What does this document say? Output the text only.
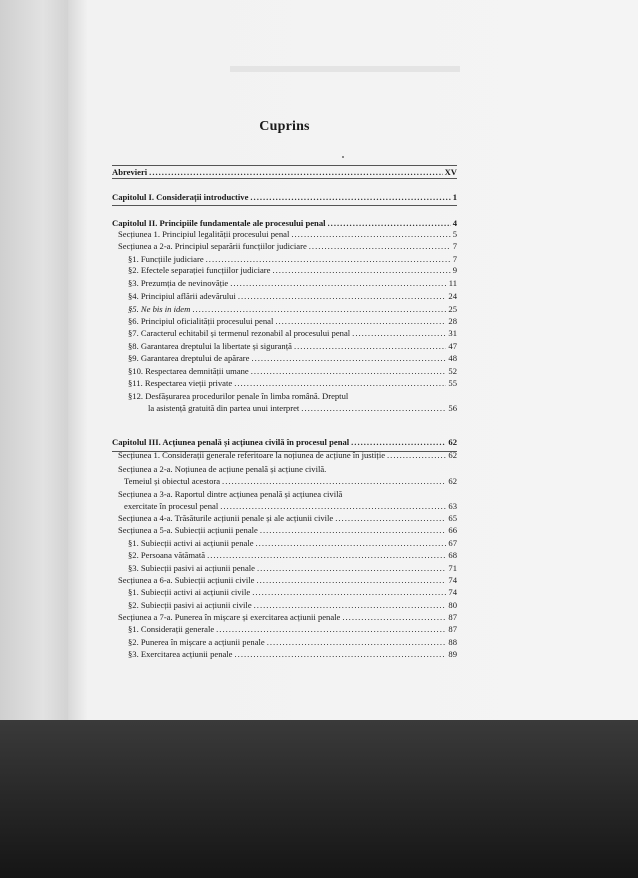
Cuprins
Abrevieri .....	XV
Capitolul I. Considerații introductive .....	1
Capitolul II. Principiile fundamentale ale procesului penal .....	4
Secțiunea 1. Principiul legalității procesului penal .....	5
Secțiunea a 2-a. Principiul separării funcțiilor judiciare .....	7
§1. Funcțiile judiciare .....	7
§2. Efectele separației funcțiilor judiciare .....	9
§3. Prezumția de nevinovăție .....	11
§4. Principiul aflării adevărului .....	24
§5. Ne bis in idem .....	25
§6. Principiul oficialității procesului penal .....	28
§7. Caracterul echitabil și termenul rezonabil al procesului penal .....	31
§8. Garantarea dreptului la libertate și siguranță .....	47
§9. Garantarea dreptului de apărare .....	48
§10. Respectarea demnității umane .....	52
§11. Respectarea vieții private .....	55
§12. Desfășurarea procedurilor penale în limba română. Dreptul
la asistență gratuită din partea unui interpret .....	56
Capitolul III. Acțiunea penală și acțiunea civilă în procesul penal .....	62
Secțiunea 1. Considerații generale referitoare la noțiunea de acțiune în justiție .....	62
Secțiunea a 2-a. Noțiunea de acțiune penală și acțiune civilă.
Temeiul și obiectul acestora .....	62
Secțiunea a 3-a. Raportul dintre acțiunea penală și acțiunea civilă
exercitate în procesul penal .....	63
Secțiunea a 4-a. Trăsăturile acțiunii penale și ale acțiunii civile .....	65
Secțiunea a 5-a. Subiecții acțiunii penale .....	66
§1. Subiecții activi ai acțiunii penale .....	67
§2. Persoana vătămată .....	68
§3. Subiecții pasivi ai acțiunii penale .....	71
Secțiunea a 6-a. Subiecții acțiunii civile .....	74
§1. Subiecții activi ai acțiunii civile .....	74
§2. Subiecții pasivi ai acțiunii civile .....	80
Secțiunea a 7-a. Punerea în mișcare și exercitarea acțiunii penale .....	87
§1. Considerații generale .....	87
§2. Punerea în mișcare a acțiunii penale .....	88
§3. Exercitarea acțiunii penale .....	89
